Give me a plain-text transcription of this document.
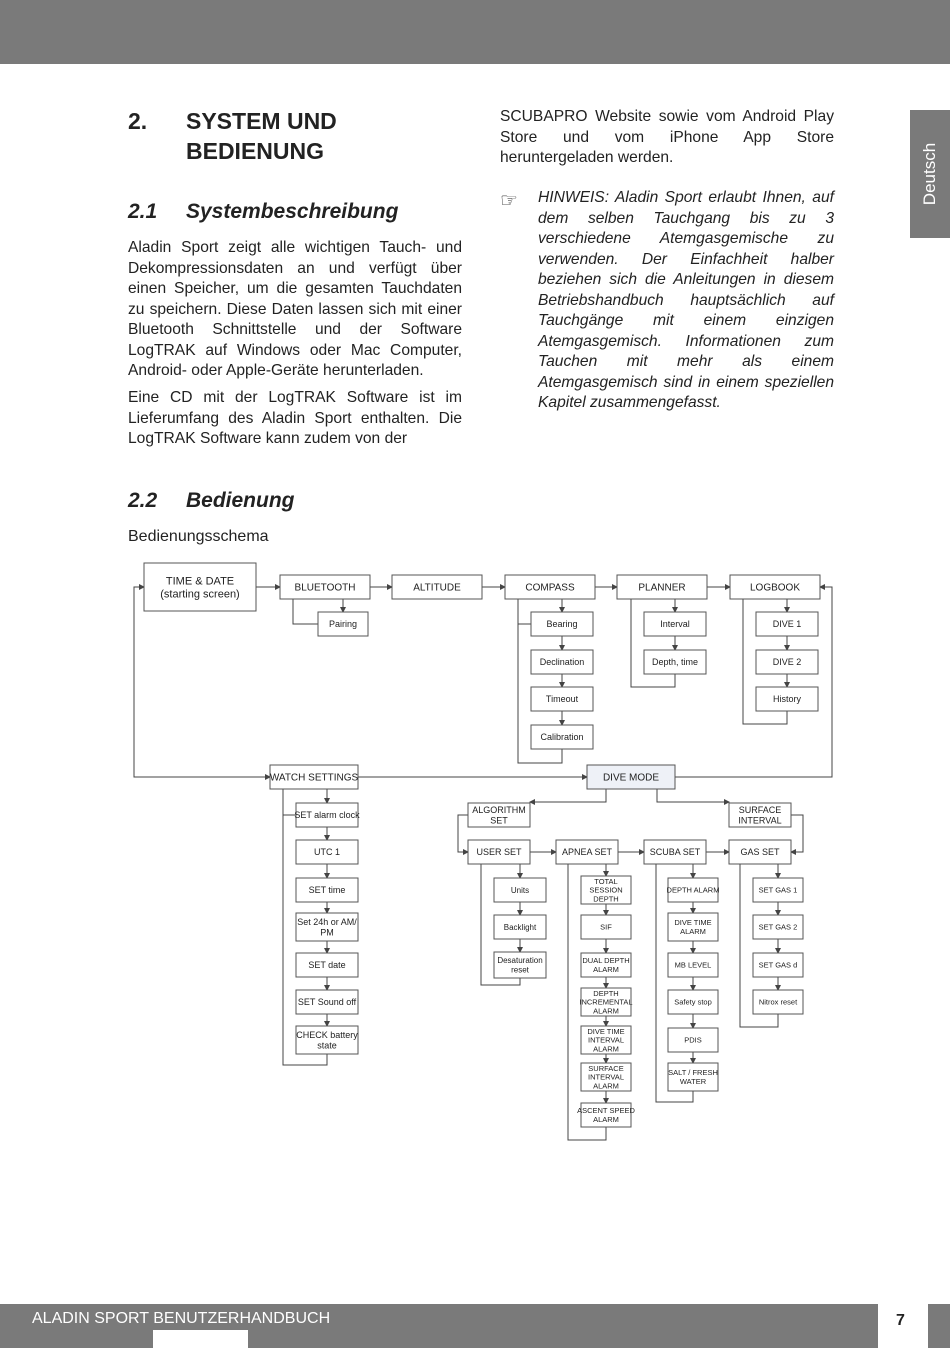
Deutsch
2. SYSTEM UND BEDIENUNG
2.1 Systembeschreibung

Aladin Sport zeigt alle wichtigen Tauch- und Dekompressionsdaten an und verfügt über einen Speicher, um die gesamten Tauchdaten zu speichern. Diese Daten lassen sich mit einer Bluetooth Schnittstelle und der Software LogTRAK auf Windows oder Mac Computer, Android- oder Apple-Geräte herunterladen.

Eine CD mit der LogTRAK Software ist im Lieferumfang des Aladin Sport enthalten. Die LogTRAK Software kann zudem von der

SCUBAPRO Website sowie vom Android Play Store und vom iPhone App Store heruntergeladen werden.

☞ HINWEIS: Aladin Sport erlaubt Ihnen, auf dem selben Tauchgang bis zu 3 verschiedene Atemgasgemische zu verwenden. Der Einfachheit halber beziehen sich die Anleitungen in diesem Betriebshandbuch hauptsächlich auf Tauchgänge mit einem einzigen Atemgasgemisch. Informationen zum Tauchen mit mehr als einem Atemgasgemisch sind in einem speziellen Kapitel zusammengefasst.

2.2 Bedienung
Bedienungsschema
TIME & DATE
(starting screen)
BLUETOOTH	ALTITUDE	COMPASS	PLANNER	LOGBOOK
Pairing	Bearing
Declination
Timeout
Calibration
Interval
Depth, time
DIVE 1
DIVE 2
History
WATCH SETTINGS	DIVE MODE
SET alarm clock
UTC 1
SET time
Set 24h or AM/
PM
SET date
SET Sound off
CHECK battery
state
ALGORITHM
SET
SURFACE
INTERVAL
USER SET	APNEA SET	SCUBA SET	GAS SET
Units
Backlight
Desaturation
reset
TOTAL
SESSION
DEPTH
SIF
DUAL DEPTH
ALARM
DEPTH
INCREMENTAL
ALARM
DIVE TIME
INTERVAL
ALARM
SURFACE
INTERVAL
ALARM
ASCENT SPEED
ALARM
DEPTH ALARM
DIVE TIME
ALARM
MB LEVEL
Safety stop
PDIS
SALT / FRESH
WATER
SET GAS 1
SET GAS 2
SET GAS d
Nitrox reset
ALADIN SPORT BENUTZERHANDBUCH	7
